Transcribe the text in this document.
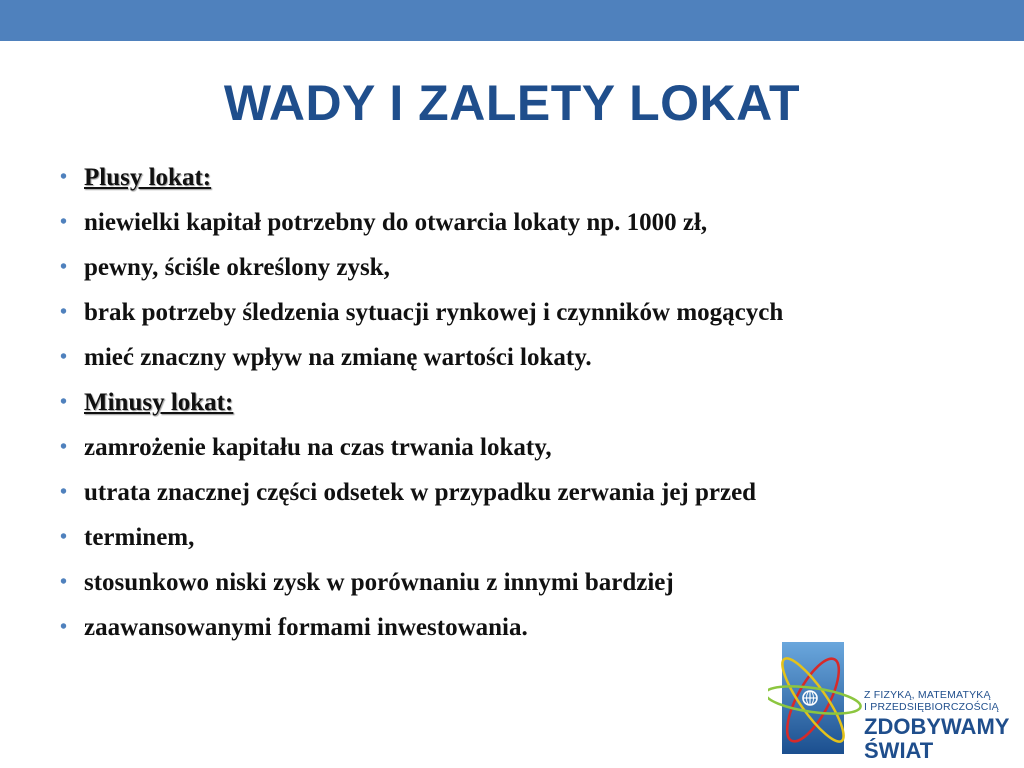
WADY I ZALETY LOKAT
• Plusy lokat:
• niewielki kapitał potrzebny do otwarcia lokaty np. 1000 zł,
• pewny, ściśle określony zysk,
• brak potrzeby śledzenia sytuacji rynkowej i czynników mogących
• mieć znaczny wpływ na zmianę wartości lokaty.
• Minusy lokat:
• zamrożenie kapitału na czas trwania lokaty,
• utrata znacznej części odsetek w przypadku zerwania jej przed
• terminem,
• stosunkowo niski zysk w porównaniu z innymi bardziej
• zaawansowanymi formami inwestowania.
Z FIZYKĄ, MATEMATYKĄ
I PRZEDSIĘBIORCZOŚCIĄ
ZDOBYWAMY
ŚWIAT
